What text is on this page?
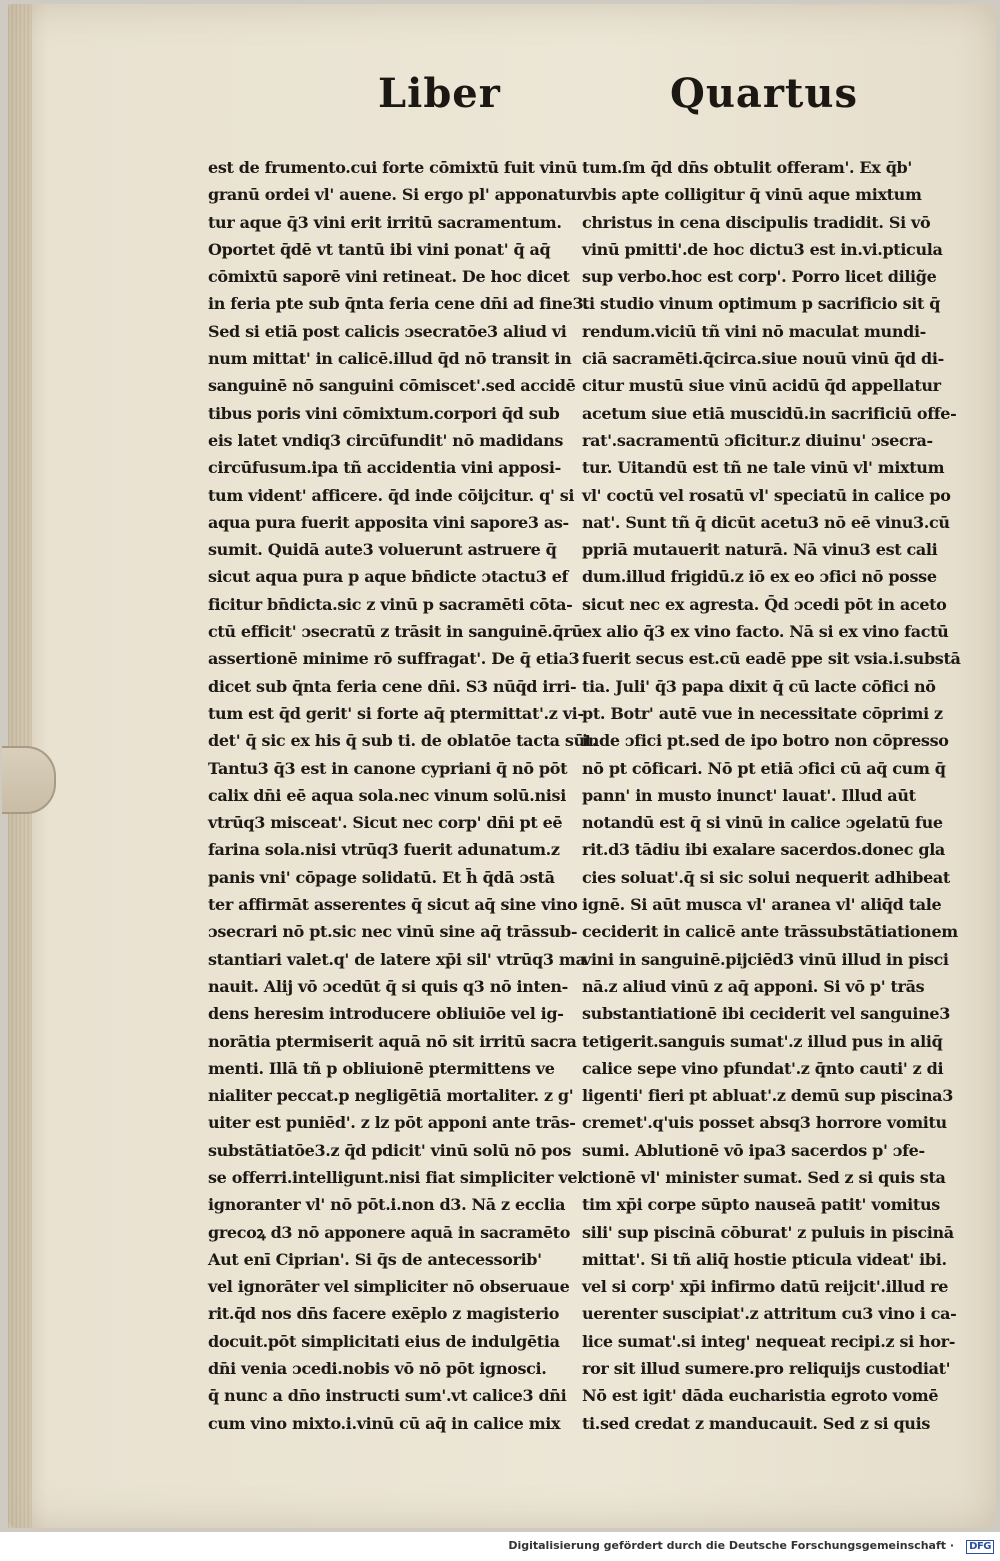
Liber	Quartus
est de frumento.cui forte cōmixtū fuit vinū
granū ordei vl' auene. Si ergo pl' apponatur
tur aque q̄3 vini erit irritū sacramentum.
Oportet q̄dē vt tantū ibi vini ponat' q̄ aq̄
cōmixtū saporē vini retineat. De hoc dicet
in feria pte sub q̄nta feria cene dn̄i ad fine3.
Sed si etiā post calicis ɔsecratōe3 aliud vi
num mittat' in calicē.illud q̄d nō transit in
sanguinē nō sanguini cōmiscet'.sed accidē
tibus poris vini cōmixtum.corpori q̄d sub
eis latet vndiq3 circūfundit' nō madidans
circūfusum.ipa tñ accidentia vini apposi-
tum vident' afficere. q̄d inde cōijcitur. q' si
aqua pura fuerit apposita vini sapore3 as-
sumit. Quidā aute3 voluerunt astruere q̄
sicut aqua pura p aque bn̄dicte ɔtactu3 ef
ficitur bn̄dicta.sic z vinū p sacramēti cōta-
ctū efficit' ɔsecratū z trāsit in sanguinē.q̄rū
assertionē minime rō suffragat'. De q̄ etia3
dicet sub q̄nta feria cene dn̄i. S3 nūq̄d irri-
tum est q̄d gerit' si forte aq̄ ptermittat'.z vi-
det' q̄ sic ex his q̄ sub ti. de oblatōe tacta sūt.
Tantu3 q̄3 est in canone cypriani q̄ nō pōt
calix dn̄i eē aqua sola.nec vinum solū.nisi
vtrūq3 misceat'. Sicut nec corp' dn̄i pt eē
farina sola.nisi vtrūq3 fuerit adunatum.z
panis vni' cōpage solidatū. Et h̄ q̄dā ɔstā
ter affirmāt asserentes q̄ sicut aq̄ sine vino
ɔsecrari nō pt.sic nec vinū sine aq̄ trāssub-
stantiari valet.q' de latere xp̄i sil' vtrūq3 ma
nauit. Alij vō ɔcedūt q̄ si quis q3 nō inten-
dens heresim introducere obliuiōe vel ig-
norātia ptermiserit aquā nō sit irritū sacra
menti. Illā tñ p obliuionē ptermittens ve
nialiter peccat.p negligētiā mortaliter. z g'
uiter est puniēd'. z lz pōt apponi ante trās-
substātiatōe3.z q̄d pdicit' vinū solū nō pos
se offerri.intelligunt.nisi fiat simpliciter vel
ignoranter vl' nō pōt.i.non d3. Nā z ecclia
grecoꝝ d3 nō apponere aquā in sacramēto
Aut enī Ciprian'. Si q̄s de antecessorib'
vel ignorāter vel simpliciter nō obseruaue
rit.q̄d nos dn̄s facere exēplo z magisterio
docuit.pōt simplicitati eius de indulgētia
dn̄i venia ɔcedi.nobis vō nō pōt ignosci.
q̄ nunc a dn̄o instructi sum'.vt calice3 dn̄i
cum vino mixto.i.vinū cū aq̄ in calice mix
tum.ſm q̄d dn̄s obtulit offeram'. Ex q̄b'
vbis apte colligitur q̄ vinū aque mixtum
christus in cena discipulis tradidit. Si vō
vinū pmitti'.de hoc dictu3 est in.vi.pticula
sup verbo.hoc est corp'. Porro licet dilig̃e
ti studio vinum optimum p sacrificio sit q̄
rendum.viciū tñ vini nō maculat mundi-
ciā sacramēti.q̄circa.siue nouū vinū q̄d di-
citur mustū siue vinū acidū q̄d appellatur
acetum siue etiā muscidū.in sacrificiū offe-
rat'.sacramentū ɔficitur.z diuinu' ɔsecra-
tur. Uitandū est tñ ne tale vinū vl' mixtum
vl' coctū vel rosatū vl' speciatū in calice po
nat'. Sunt tñ q̄ dicūt acetu3 nō eē vinu3.cū
ppriā mutauerit naturā. Nā vinu3 est cali
dum.illud frigidū.z iō ex eo ɔfici nō posse
sicut nec ex agresta. Q̄d ɔcedi pōt in aceto
ex alio q̄3 ex vino facto. Nā si ex vino factū
fuerit secus est.cū eadē ppe sit vsia.i.substā
tia. Juli' q̄3 papa dixit q̄ cū lacte cōfici nō
pt. Botr' autē vue in necessitate cōprimi z
inde ɔfici pt.sed de ipo botro non cōpresso
nō pt cōficari. Nō pt etiā ɔfici cū aq̄ cum q̄
pann' in musto inunct' lauat'. Illud aūt
notandū est q̄ si vinū in calice ɔgelatū fue
rit.d3 tādiu ibi exalare sacerdos.donec gla
cies soluat'.q̄ si sic solui nequerit adhibeat
ignē. Si aūt musca vl' aranea vl' aliq̄d tale
ceciderit in calicē ante trāssubstātiationem
vini in sanguinē.pijciēd3 vinū illud in pisci
nā.z aliud vinū z aq̄ apponi. Si vō p' trās
substantiationē ibi ceciderit vel sanguine3
tetigerit.sanguis sumat'.z illud pus in aliq̄
calice sepe vino pfundat'.z q̄nto cauti' z di
ligenti' fieri pt abluat'.z demū sup piscina3
cremet'.q'uis posset absq3 horrore vomitu
sumi. Ablutionē vō ipa3 sacerdos p' ɔfe-
ctionē vl' minister sumat. Sed z si quis sta
tim xp̄i corpe sūpto nauseā patit' vomitus
sili' sup piscinā cōburat' z puluis in piscinā
mittat'. Si tñ aliq̄ hostie pticula videat' ibi.
vel si corp' xp̄i infirmo datū reijcit'.illud re
uerenter suscipiat'.z attritum cu3 vino i ca-
lice sumat'.si integ' nequeat recipi.z si hor-
ror sit illud sumere.pro reliquijs custodiat'
Nō est igit' dāda eucharistia egroto vomē
ti.sed credat z manducauit. Sed z si quis
Digitalisierung gefördert durch die Deutsche Forschungsgemeinschaft ·	DFG
